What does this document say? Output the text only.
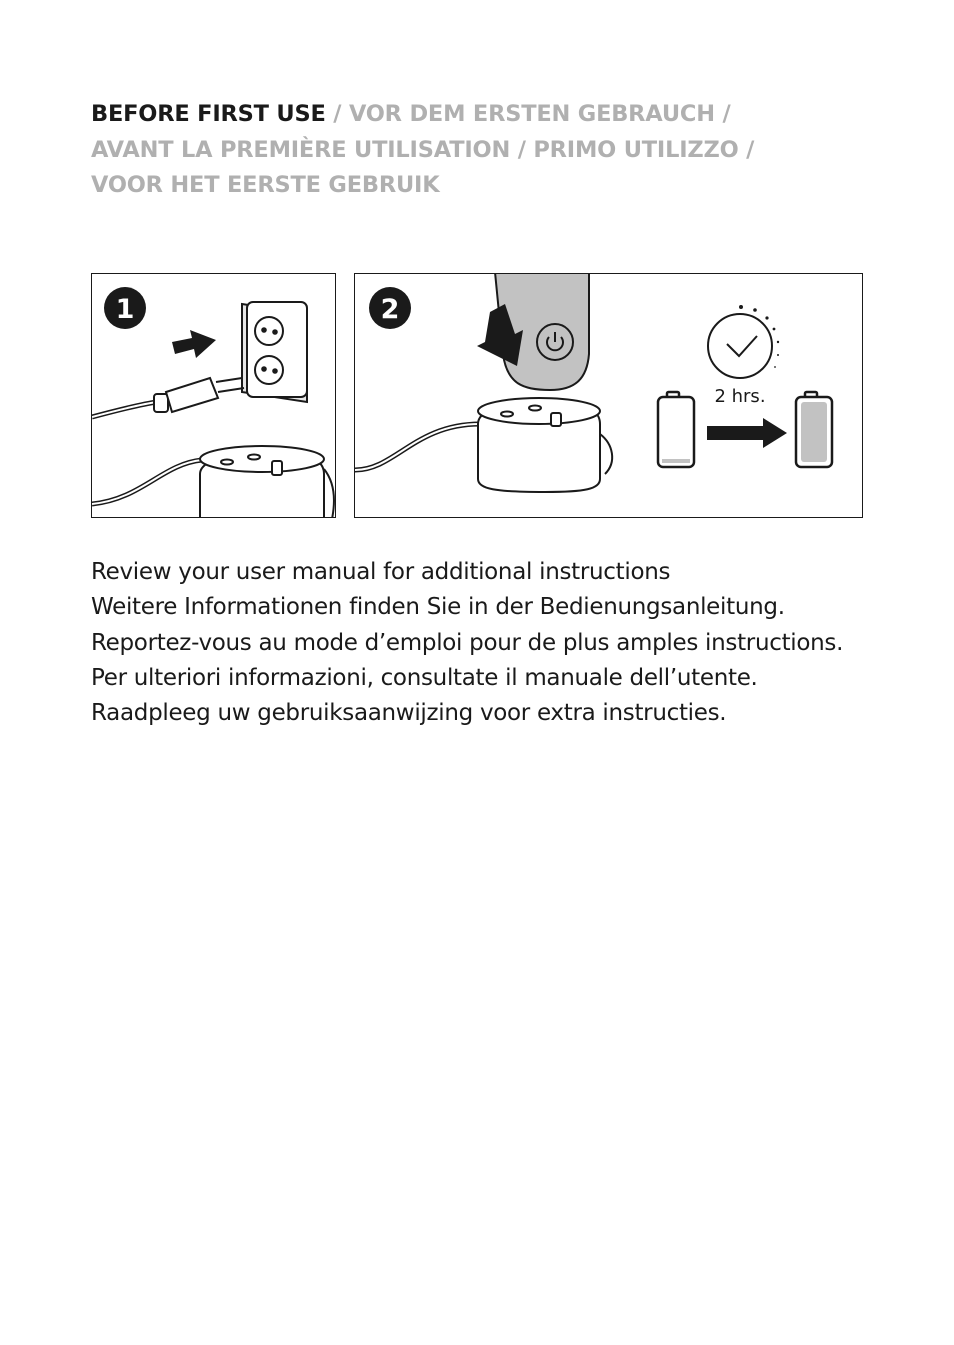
BEFORE FIRST USE / VOR DEM ERSTEN GEBRAUCH /
AVANT LA PREMIÈRE UTILISATION / PRIMO UTILIZZO /
VOOR HET EERSTE GEBRUIK
1	2
2 hrs.
Review your user manual for additional instructions
Weitere Informationen finden Sie in der Bedienungsanleitung.
Reportez-vous au mode d’emploi pour de plus amples instructions.
Per ulteriori informazioni, consultate il manuale dell’utente.
Raadpleeg uw gebruiksaanwijzing voor extra instructies.
